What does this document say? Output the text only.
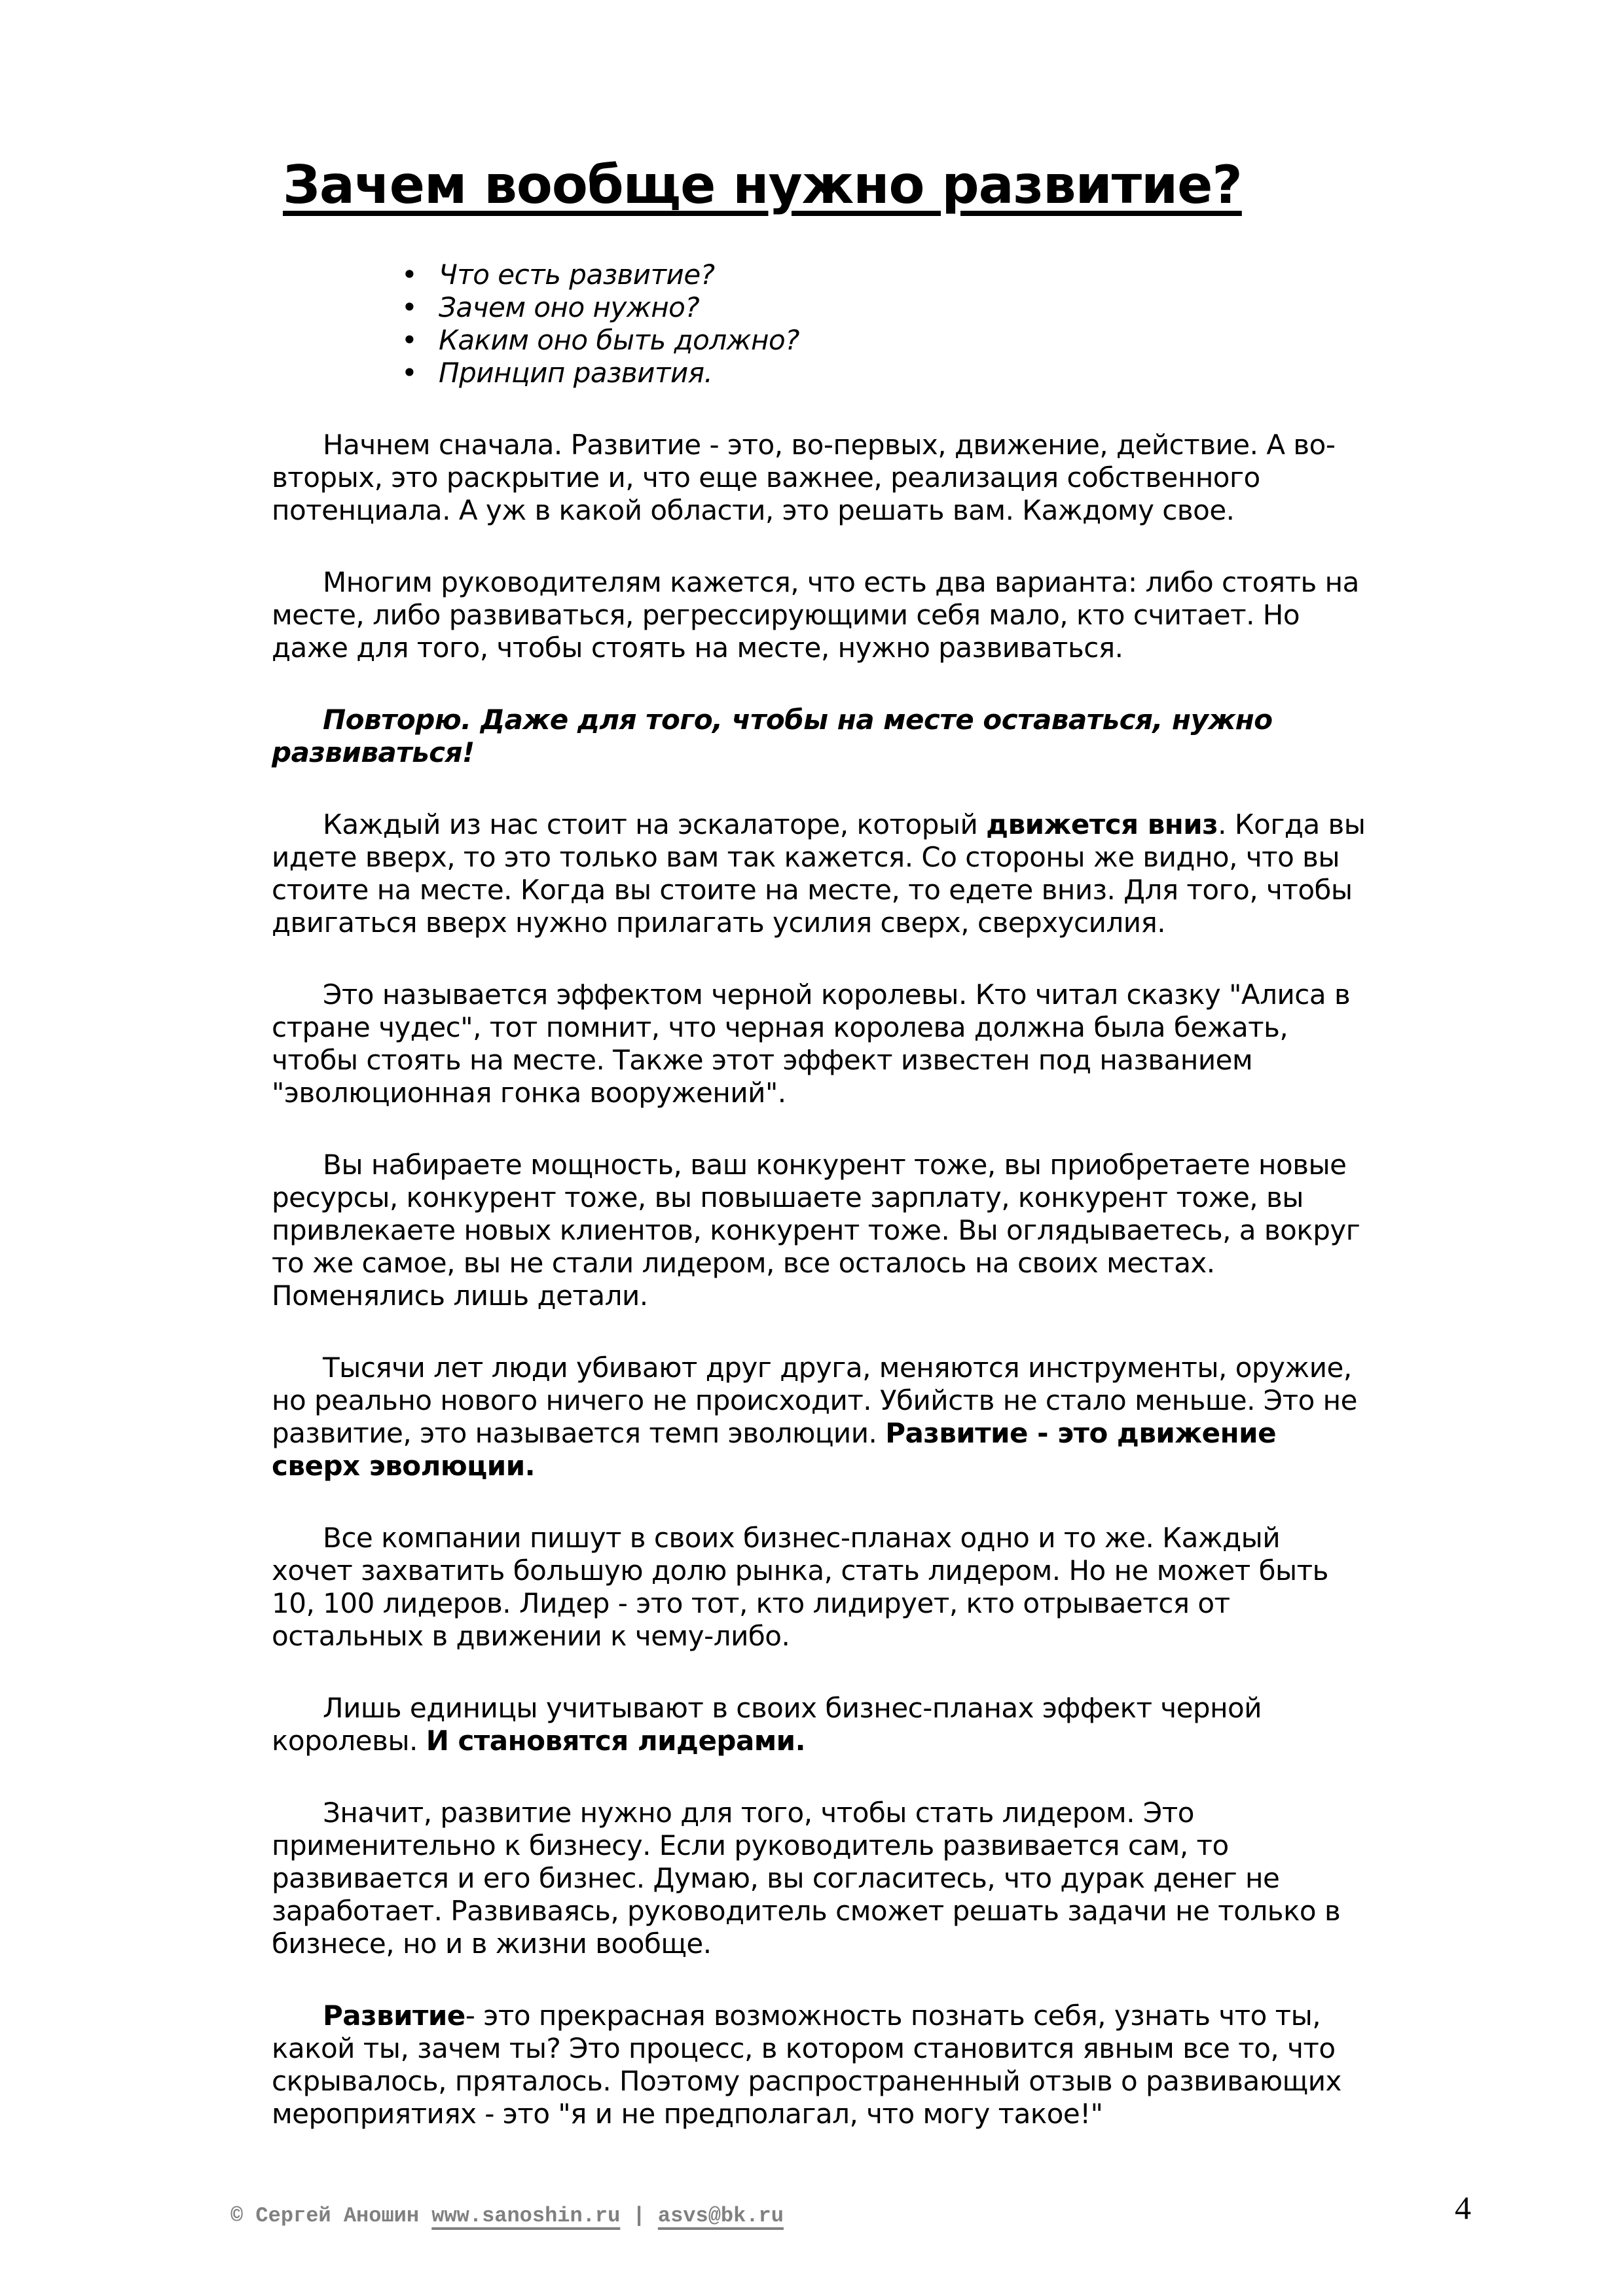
Зачем вообще нужно развитие?
• Что есть развитие?
• Зачем оно нужно?
• Каким оно быть должно?
• Принцип развития.

Начнем сначала. Развитие - это, во-первых, движение, действие. А во-вторых, это раскрытие и, что еще важнее, реализация собственного потенциала. А уж в какой области, это решать вам. Каждому свое.

Многим руководителям кажется, что есть два варианта: либо стоять на месте, либо развиваться, регрессирующими себя мало, кто считает. Но даже для того, чтобы стоять на месте, нужно развиваться.

Повторю. Даже для того, чтобы на месте оставаться, нужно развиваться!

Каждый из нас стоит на эскалаторе, который движется вниз. Когда вы идете вверх, то это только вам так кажется. Со стороны же видно, что вы стоите на месте. Когда вы стоите на месте, то едете вниз. Для того, чтобы двигаться вверх нужно прилагать усилия сверх, сверхусилия.

Это называется эффектом черной королевы. Кто читал сказку "Алиса в стране чудес", тот помнит, что черная королева должна была бежать, чтобы стоять на месте. Также этот эффект известен под названием "эволюционная гонка вооружений".

Вы набираете мощность, ваш конкурент тоже, вы приобретаете новые ресурсы, конкурент тоже, вы повышаете зарплату, конкурент тоже, вы привлекаете новых клиентов, конкурент тоже. Вы оглядываетесь, а вокруг то же самое, вы не стали лидером, все осталось на своих местах. Поменялись лишь детали.

Тысячи лет люди убивают друг друга, меняются инструменты, оружие, но реально нового ничего не происходит. Убийств не стало меньше. Это не развитие, это называется темп эволюции. Развитие - это движение сверх эволюции.

Все компании пишут в своих бизнес-планах одно и то же. Каждый хочет захватить большую долю рынка, стать лидером. Но не может быть 10, 100 лидеров. Лидер - это тот, кто лидирует, кто отрывается от остальных в движении к чему-либо.

Лишь единицы учитывают в своих бизнес-планах эффект черной королевы. И становятся лидерами.

Значит, развитие нужно для того, чтобы стать лидером. Это применительно к бизнесу. Если руководитель развивается сам, то развивается и его бизнес. Думаю, вы согласитесь, что дурак денег не заработает. Развиваясь, руководитель сможет решать задачи не только в бизнесе, но и в жизни вообще.

Развитие- это прекрасная возможность познать себя, узнать что ты, какой ты, зачем ты? Это процесс, в котором становится явным все то, что скрывалось, пряталось. Поэтому распространенный отзыв о развивающих мероприятиях - это "я и не предполагал, что могу такое!"

© Сергей Аношин www.sanoshin.ru | asvs@bk.ru	4
